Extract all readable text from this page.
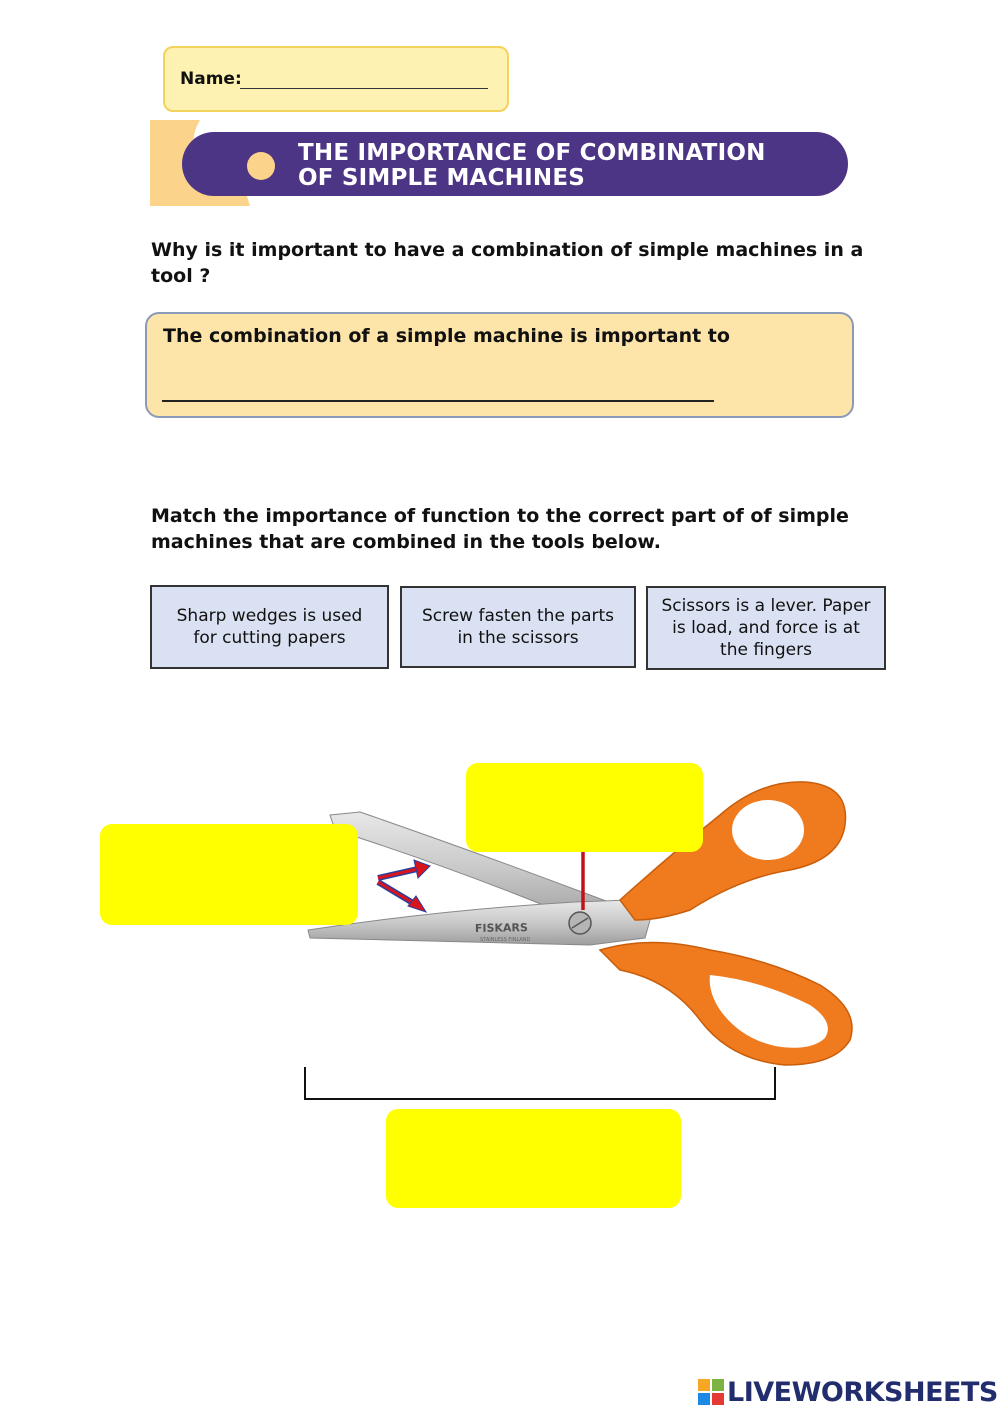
Name:
THE IMPORTANCE OF COMBINATION
OF SIMPLE MACHINES
Why is it important to have a combination of simple machines in a tool ?
The combination of a simple machine is important to
Match the importance of function to the correct part of of simple machines that are combined in the tools below.
Sharp wedges is used for cutting papers
Screw fasten the parts in the scissors
Scissors is a lever. Paper is load, and force is at the fingers
FISKARS
STAINLESS FINLAND
LIVEWORKSHEETS
